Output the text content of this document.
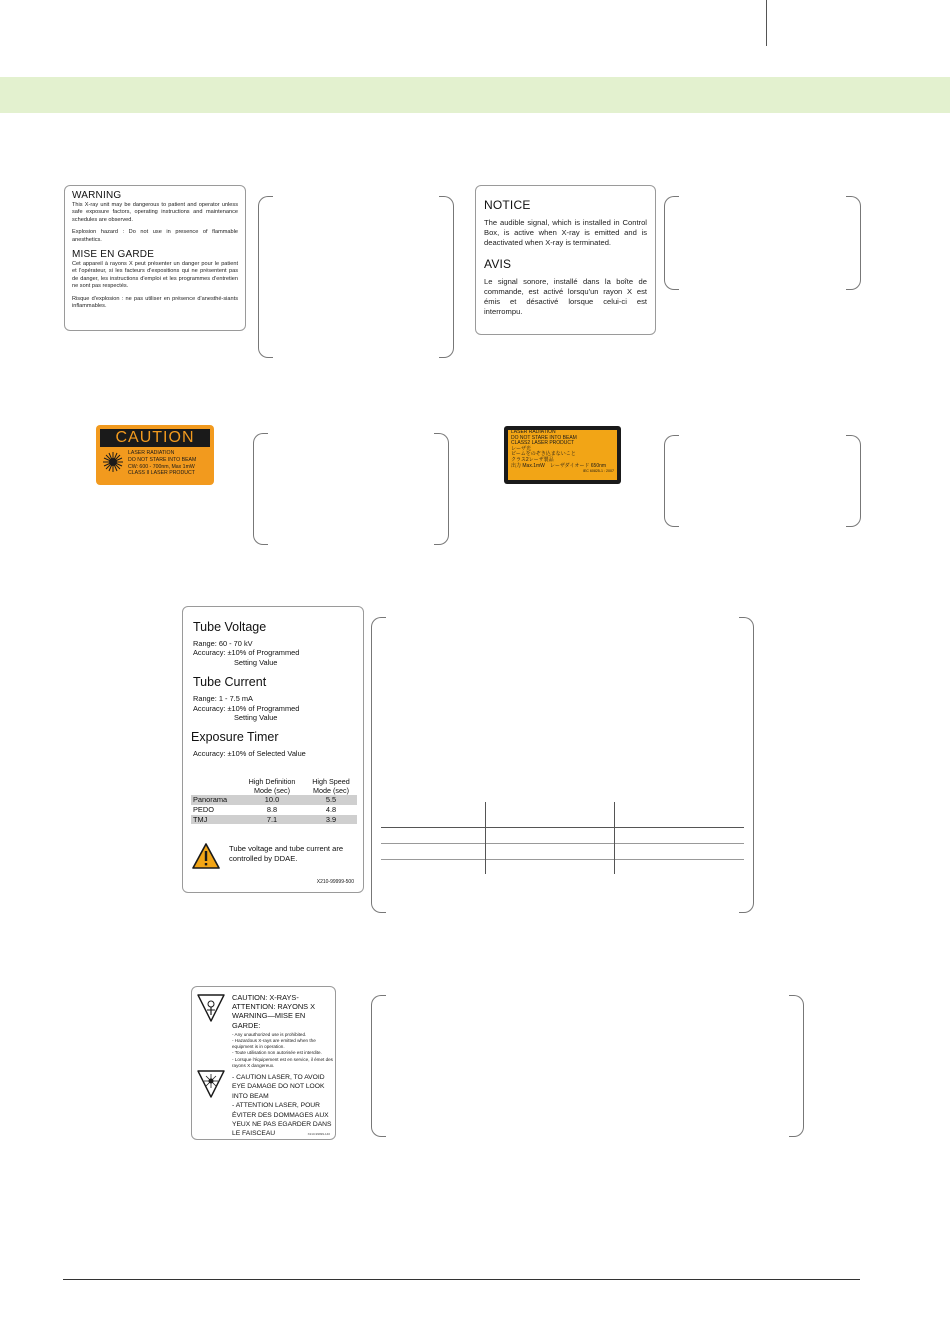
WARNING

This X-ray unit may be dangerous to patient and operator unless safe exposure factors, operating instructions and maintenance schedules are observed.

Explosion hazard : Do not use in presence of flammable anesthetics.

MISE EN GARDE

Cet appareil à rayons X peut présenter un danger pour le patient et l'opérateur, si les facteurs d'expositions qui ne présentent pas de danger, les instructions d'emploi et les programmes d'entretien ne sont pas respectés.

Risque d'explosion : ne pas utiliser en présence d'anesthé-siants inflammables.

NOTICE

The audible signal, which is installed in Control Box, is active when X-ray is emitted and is deactivated when X-ray is terminated.

AVIS

Le signal sonore, installé dans la boîte de commande, est activé lorsqu'un rayon X est émis et désactivé lorsque celui-ci est interrompu.

CAUTION
LASER RADIATION
DO NOT STARE INTO BEAM
CW: 600 - 700nm, Max 1mW
CLASS II LASER PRODUCT
LASER RADIATION
DO NOT STARE INTO BEAM
CLASS2 LASER PRODUCT
レーザ光
ビームをのぞき込まないこと
クラス2レーザ製品
出力 Max.1mW　レーザダイオード 650nm
IEC 60825-1 : 2007
Tube Voltage

Range: 60 - 70 kV

Accuracy: ±10% of Programmed

Setting Value

Tube Current

Range: 1 - 7.5 mA

Accuracy: ±10% of Programmed

Setting Value

Exposure Timer

Accuracy: ±10% of Selected Value

	High Definition Mode (sec)	High Speed Mode (sec)
Panorama	10.0	5.5
PEDO	8.8	4.8
TMJ	7.1	3.9
Tube voltage and tube current are controlled by DDAE.
X210-99999-500
CAUTION: X-RAYS-
ATTENTION: RAYONS X
WARNING—MISE EN GARDE:
- Any unauthorized use is prohibited.
- Hazardous X-rays are emitted when the equipment is in operation.
- Toute utilisation non autorisée est interdite.
- Lorsque l'équipement est en service, il émet des rayons X dangereux.
- CAUTION LASER, TO AVOID EYE DAMAGE DO NOT LOOK INTO BEAM
- ATTENTION LASER, POUR ÉVITER DES DOMMAGES AUX YEUX NE PAS EGARDER DANS LE FAISCEAU	X210-99999-140
